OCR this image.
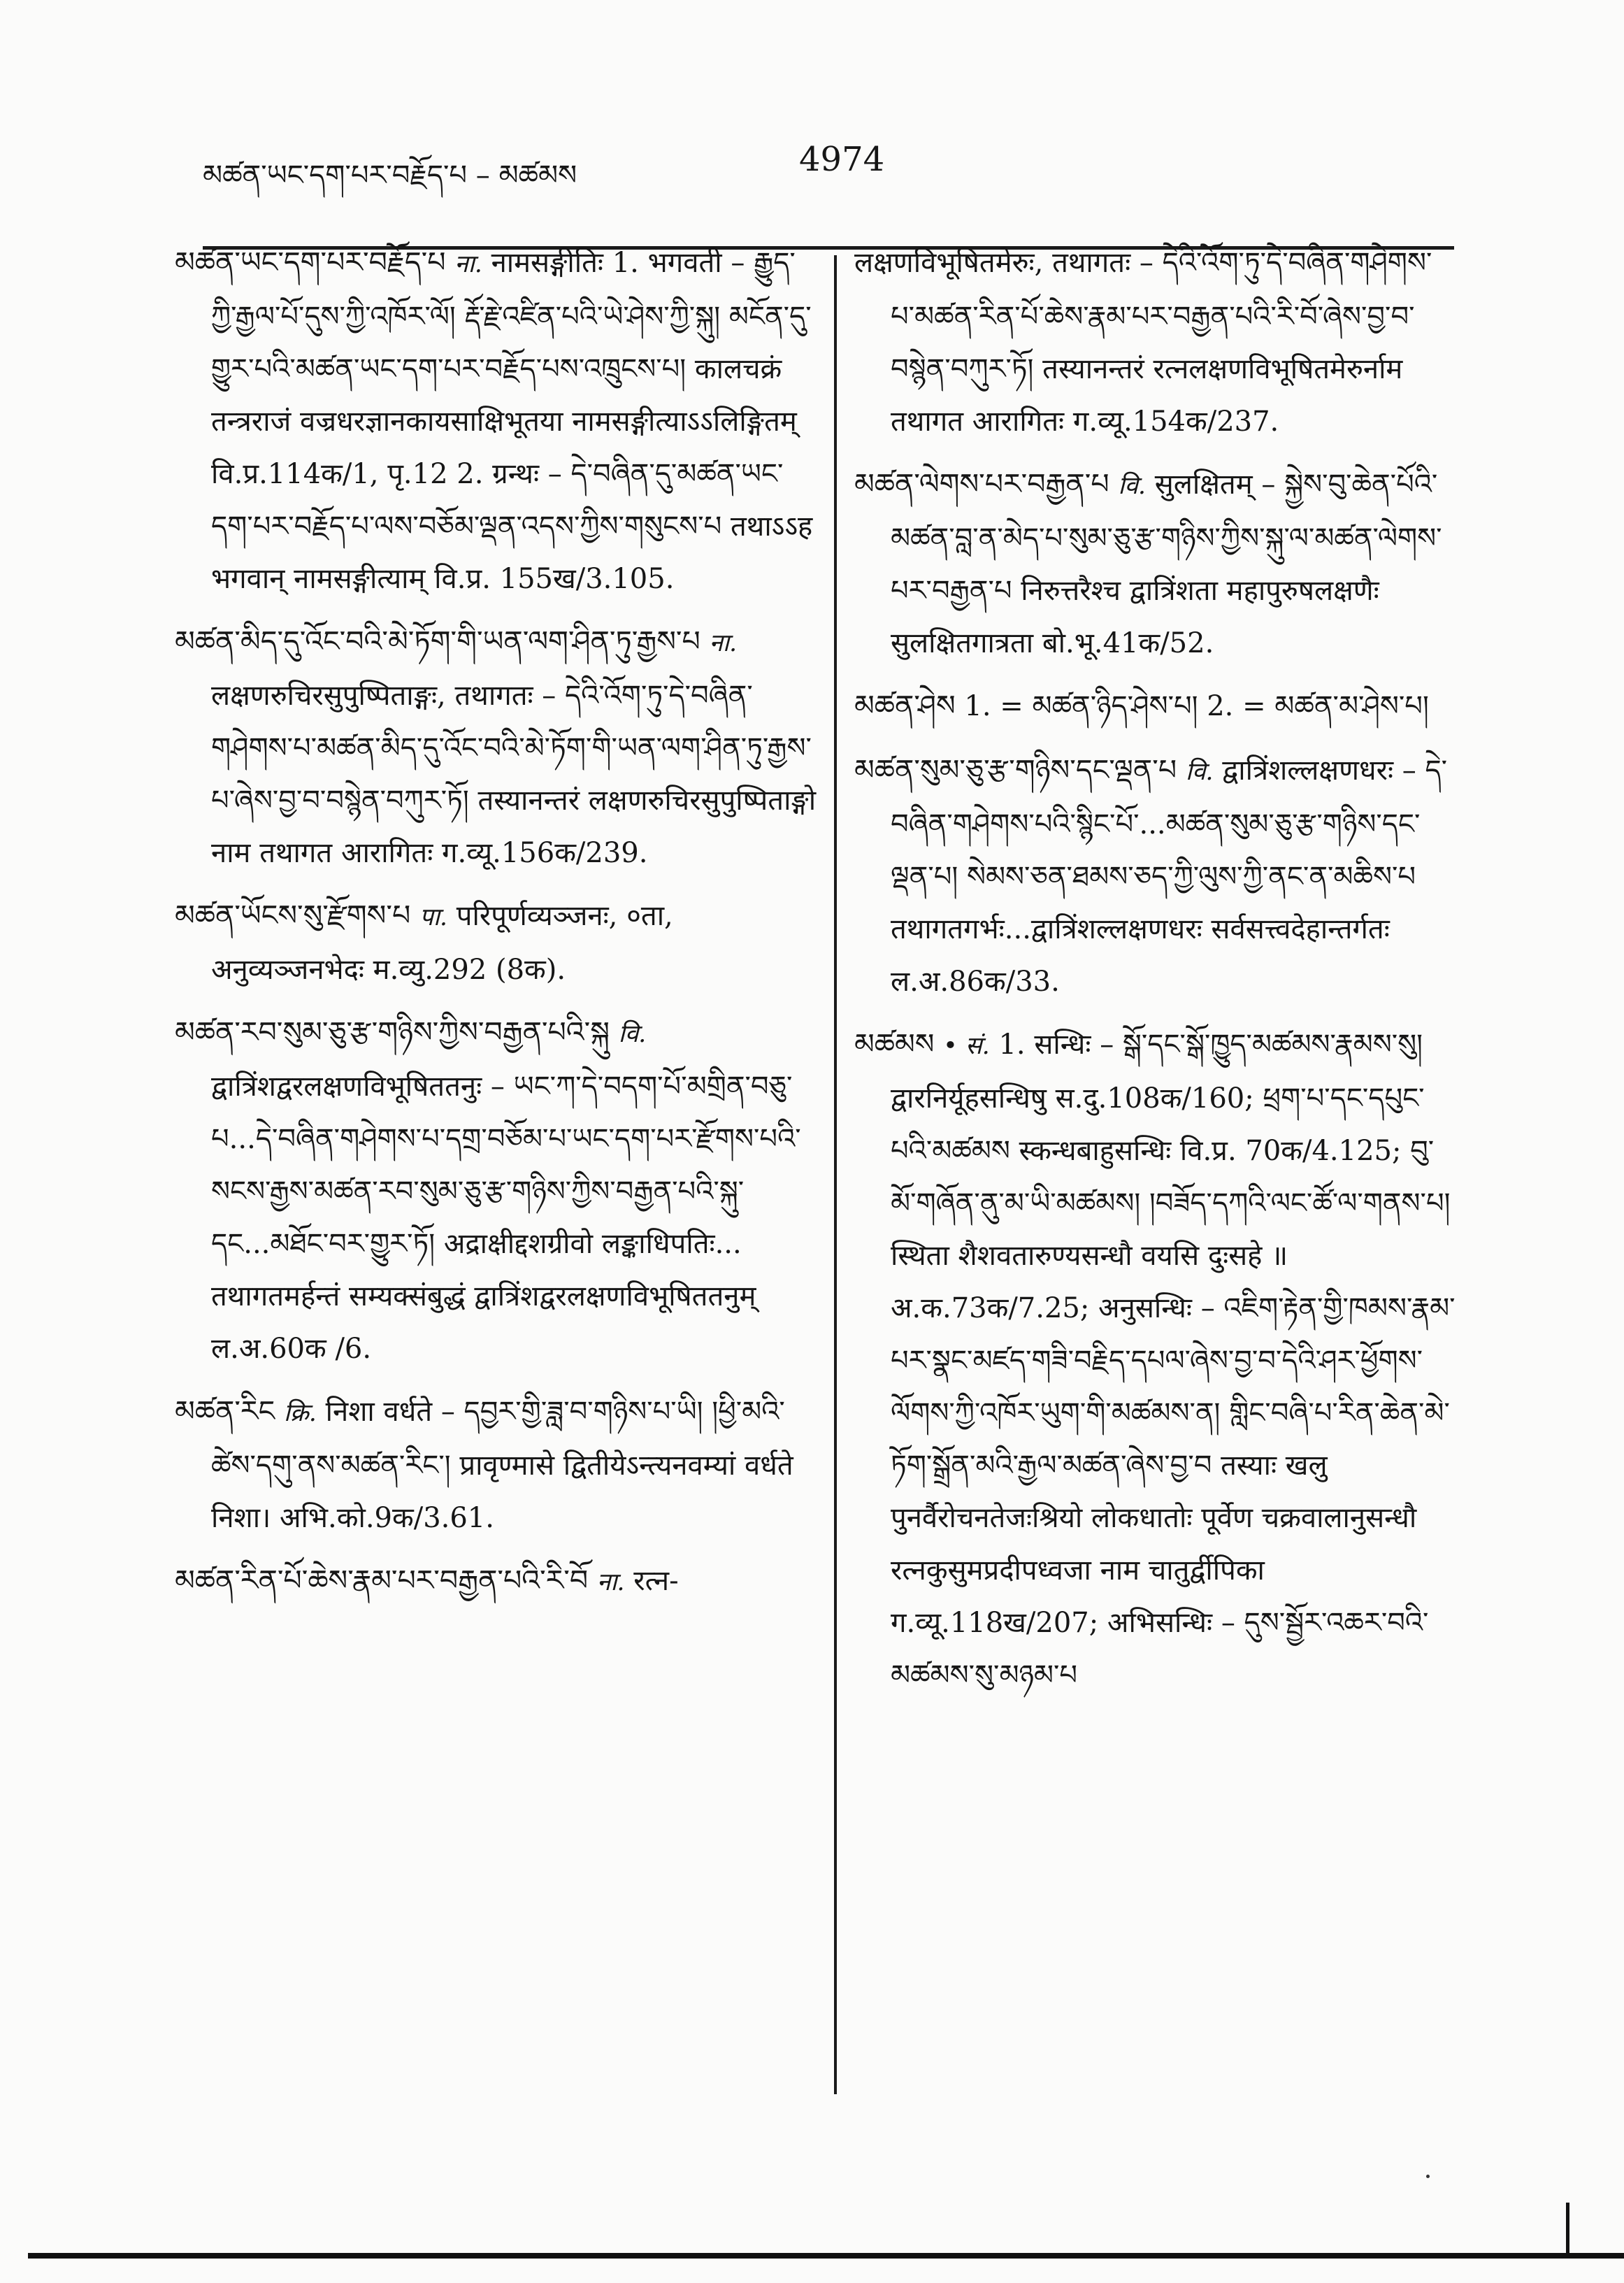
མཚན་ཡང་དག་པར་བརྗོད་པ – མཚམས	4974

མཚན་ཡང་དག་པར་བརྗོད་པ ना. नामसङ्गीतिः 1. भगवती – རྒྱུད་ཀྱི་རྒྱལ་པོ་དུས་ཀྱི་འཁོར་ལོ། རྡོ་རྗེ་འཛིན་པའི་ཡེ་ཤེས་ཀྱི་སྐུ། མངོན་དུ་གྱུར་པའི་མཚན་ཡང་དག་པར་བརྗོད་པས་འཁྲུངས་པ། कालचक्रं तन्त्रराजं वज्रधरज्ञानकायसाक्षिभूतया नामसङ्गीत्याऽऽलिङ्गितम् वि.प्र.114क/1, पृ.12 2. ग्रन्थः – དེ་བཞིན་དུ་མཚན་ཡང་དག་པར་བརྗོད་པ་ལས་བཅོམ་ལྡན་འདས་ཀྱིས་གསུངས་པ तथाऽऽह भगवान् नामसङ्गीत्याम् वि.प्र. 155ख/3.105.

མཚན་མིད་དུ་འོང་བའི་མེ་ཏོག་གི་ཡན་ལག་ཤིན་ཏུ་རྒྱས་པ ना. लक्षणरुचिरसुपुष्पिताङ्गः, तथागतः – དེའི་འོག་ཏུ་དེ་བཞིན་གཤེགས་པ་མཚན་མིད་དུ་འོང་བའི་མེ་ཏོག་གི་ཡན་ལག་ཤིན་ཏུ་རྒྱས་པ་ཞེས་བྱ་བ་བསྙེན་བཀུར་ཏོ། तस्यानन्तरं लक्षणरुचिरसुपुष्पिताङ्गो नाम तथागत आरागितः ग.व्यू.156क/239.

མཚན་ཡོངས་སུ་རྫོགས་པ पा. परिपूर्णव्यञ्जनः, ०ता, अनुव्यञ्जनभेदः म.व्यु.292 (8क).

མཚན་རབ་སུམ་ཅུ་རྩ་གཉིས་ཀྱིས་བརྒྱན་པའི་སྐུ वि. द्वात्रिंशद्वरलक्षणविभूषिततनुः – ཡང་ཀ་དེ་བདག་པོ་མགྲིན་བཅུ་པ...དེ་བཞིན་གཤེགས་པ་དགྲ་བཅོམ་པ་ཡང་དག་པར་རྫོགས་པའི་སངས་རྒྱས་མཚན་རབ་སུམ་ཅུ་རྩ་གཉིས་ཀྱིས་བརྒྱན་པའི་སྐུ་དང...མཐོང་བར་གྱུར་ཏོ། अद्राक्षीद्दशग्रीवो लङ्काधिपतिः... तथागतमर्हन्तं सम्यक्संबुद्धं द्वात्रिंशद्वरलक्षणविभूषिततनुम् ल.अ.60क /6.

མཚན་རིང क्रि. निशा वर्धते – དབྱར་གྱི་ཟླ་བ་གཉིས་པ་ཡི། །ཕྱི་མའི་ཚེས་དགུ་ནས་མཚན་རིང་། प्रावृण्मासे द्वितीयेऽन्त्यनवम्यां वर्धते निशा। अभि.को.9क/3.61.

མཚན་རིན་པོ་ཆེས་རྣམ་པར་བརྒྱན་པའི་རི་བོ ना. रत्न-

लक्षणविभूषितमेरुः, तथागतः – དེའི་འོག་ཏུ་དེ་བཞིན་གཤེགས་པ་མཚན་རིན་པོ་ཆེས་རྣམ་པར་བརྒྱན་པའི་རི་བོ་ཞེས་བྱ་བ་བསྙེན་བཀུར་ཏོ། तस्यानन्तरं रत्नलक्षणविभूषितमेरुर्नाम तथागत आरागितः ग.व्यू.154क/237.

མཚན་ལེགས་པར་བརྒྱན་པ वि. सुलक्षितम् – སྐྱེས་བུ་ཆེན་པོའི་མཚན་བླ་ན་མེད་པ་སུམ་ཅུ་རྩ་གཉིས་ཀྱིས་སྐུ་ལ་མཚན་ལེགས་པར་བརྒྱན་པ निरुत्तरैश्च द्वात्रिंशता महापुरुषलक्षणैः सुलक्षितगात्रता बो.भू.41क/52.

མཚན་ཤེས 1. = མཚན་ཉིད་ཤེས་པ། 2. = མཚན་མ་ཤེས་པ།

མཚན་སུམ་ཅུ་རྩ་གཉིས་དང་ལྡན་པ वि. द्वात्रिंशल्लक्षणधरः – དེ་བཞིན་གཤེགས་པའི་སྙིང་པོ་...མཚན་སུམ་ཅུ་རྩ་གཉིས་དང་ལྡན་པ། སེམས་ཅན་ཐམས་ཅད་ཀྱི་ལུས་ཀྱི་ནང་ན་མཆིས་པ तथागतगर्भः...द्वात्रिंशल्लक्षणधरः सर्वसत्त्वदेहान्तर्गतः ल.अ.86क/33.

མཚམས • सं. 1. सन्धिः – སྒོ་དང་སྒོ་ཁྱུད་མཚམས་རྣམས་སུ། द्वारनिर्यूहसन्धिषु स.दु.108क/160; ཕྲག་པ་དང་དཔུང་པའི་མཚམས स्कन्धबाहुसन्धिः वि.प्र. 70क/4.125; བུ་མོ་གཞོན་ནུ་མ་ཡི་མཚམས། །བཟོད་དཀའི་ལང་ཚོ་ལ་གནས་པ། स्थिता शैशवतारुण्यसन्धौ वयसि दुःसहे ॥ अ.क.73क/7.25; अनुसन्धिः – འཇིག་རྟེན་གྱི་ཁམས་རྣམ་པར་སྣང་མཛད་གཟི་བརྗིད་དཔལ་ཞེས་བྱ་བ་དེའི་ཤར་ཕྱོགས་ལོགས་ཀྱི་འཁོར་ཡུག་གི་མཚམས་ན། གླིང་བཞི་པ་རིན་ཆེན་མེ་ཏོག་སྒྲོན་མའི་རྒྱལ་མཚན་ཞེས་བྱ་བ तस्याः खलु पुनर्वैरोचनतेजःश्रियो लोकधातोः पूर्वेण चक्रवालानुसन्धौ रत्नकुसुमप्रदीपध्वजा नाम चातुर्द्वीपिका ग.व्यू.118ख/207; अभिसन्धिः – དུས་སྦྱོར་འཆར་བའི་མཚམས་སུ་མཉམ་པ
